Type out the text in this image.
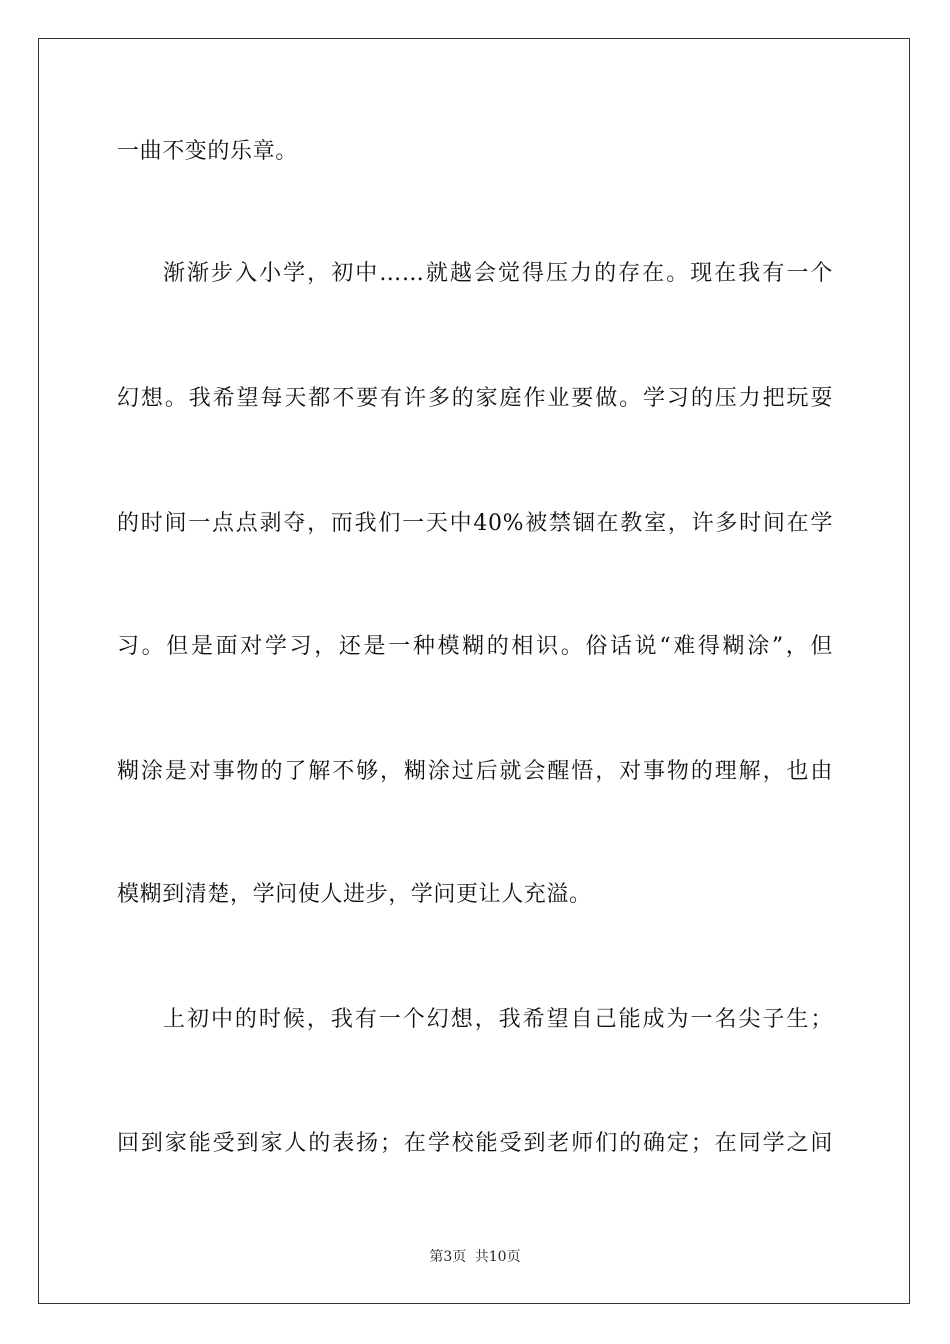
一曲不变的乐章。
渐渐步入小学，初中……就越会觉得压力的存在。现在我有一个
幻想。我希望每天都不要有许多的家庭作业要做。学习的压力把玩耍
的时间一点点剥夺，而我们一天中40%被禁锢在教室，许多时间在学
习。但是面对学习，还是一种模糊的相识。俗话说“难得糊涂”，但
糊涂是对事物的了解不够，糊涂过后就会醒悟，对事物的理解，也由
模糊到清楚，学问使人进步，学问更让人充溢。
上初中的时候，我有一个幻想，我希望自己能成为一名尖子生；
回到家能受到家人的表扬；在学校能受到老师们的确定；在同学之间
第3页 共10页
